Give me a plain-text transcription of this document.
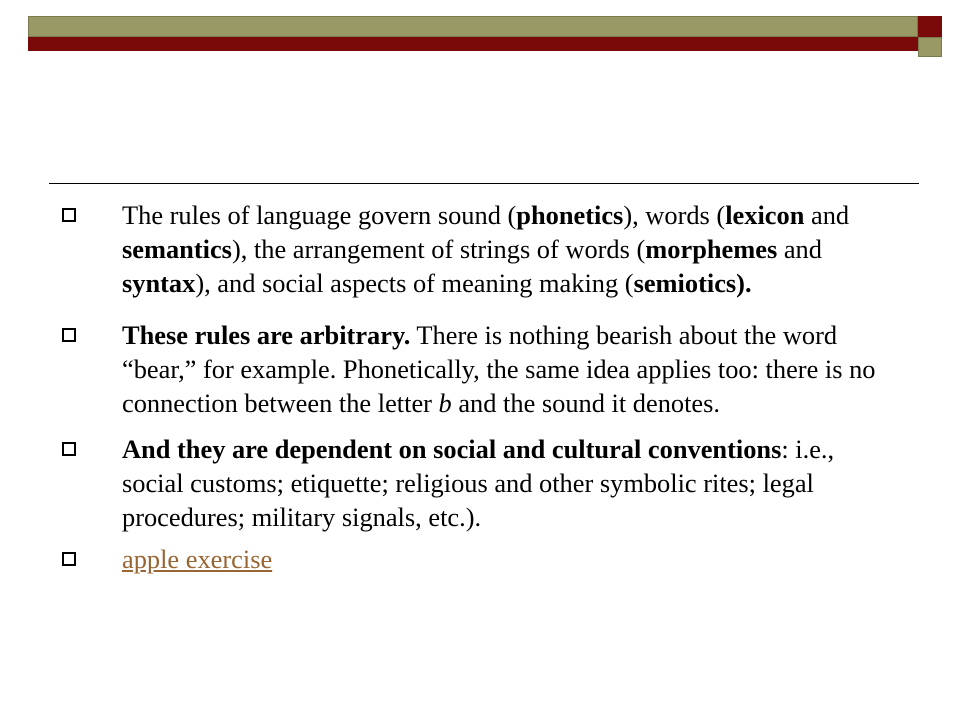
The rules of language govern sound (phonetics), words (lexicon and semantics), the arrangement of strings of words (morphemes and syntax), and social aspects of meaning making (semiotics).
These rules are arbitrary. There is nothing bearish about the word “bear,” for example. Phonetically, the same idea applies too: there is no connection between the letter b and the sound it denotes.
And they are dependent on social and cultural conventions: i.e., social customs; etiquette; religious and other symbolic rites; legal procedures; military signals, etc.).
apple exercise
